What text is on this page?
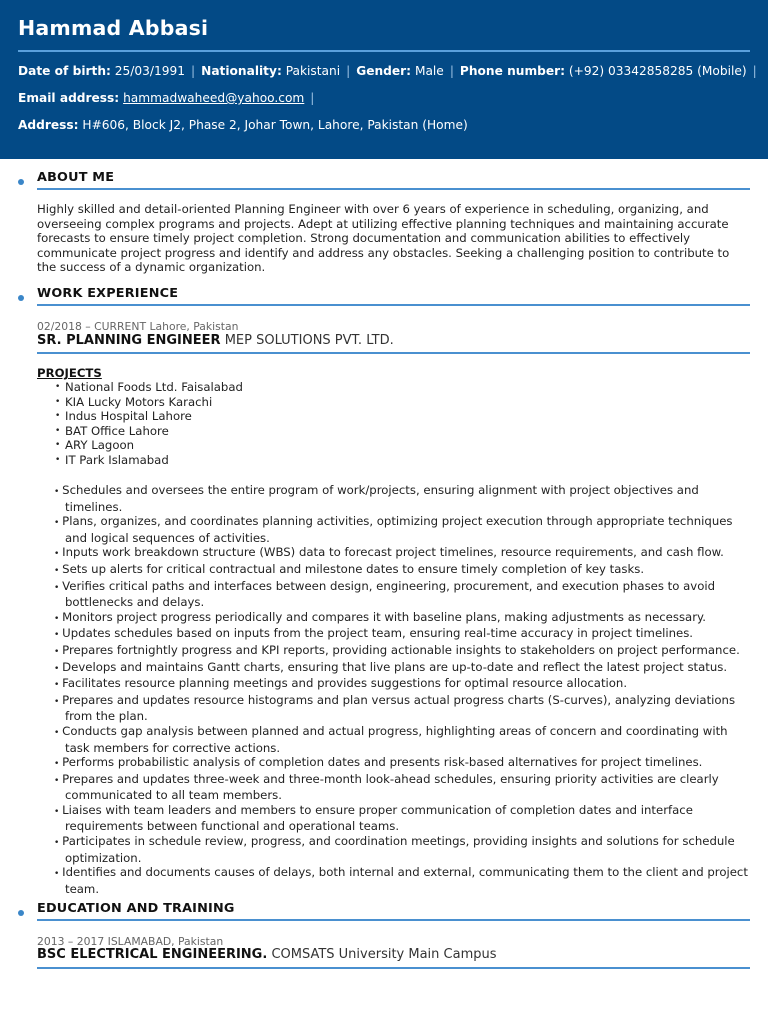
Hammad Abbasi
Date of birth: 25/03/1991 | Nationality: Pakistani | Gender: Male | Phone number: (+92) 03342858285 (Mobile) |
Email address: hammadwaheed@yahoo.com |
Address: H#606, Block J2, Phase 2, Johar Town, Lahore, Pakistan (Home)
ABOUT ME
Highly skilled and detail-oriented Planning Engineer with over 6 years of experience in scheduling, organizing, and overseeing complex programs and projects. Adept at utilizing effective planning techniques and maintaining accurate forecasts to ensure timely project completion. Strong documentation and communication abilities to effectively communicate project progress and identify and address any obstacles. Seeking a challenging position to contribute to the success of a dynamic organization.
WORK EXPERIENCE
02/2018 – CURRENT Lahore, Pakistan
SR. PLANNING ENGINEER MEP SOLUTIONS PVT. LTD.
PROJECTS
• National Foods Ltd. Faisalabad
• KIA Lucky Motors Karachi
• Indus Hospital Lahore
• BAT Office Lahore
• ARY Lagoon
• IT Park Islamabad
• Schedules and oversees the entire program of work/projects, ensuring alignment with project objectives and timelines.
• Plans, organizes, and coordinates planning activities, optimizing project execution through appropriate techniques and logical sequences of activities.
• Inputs work breakdown structure (WBS) data to forecast project timelines, resource requirements, and cash flow.
• Sets up alerts for critical contractual and milestone dates to ensure timely completion of key tasks.
• Verifies critical paths and interfaces between design, engineering, procurement, and execution phases to avoid bottlenecks and delays.
• Monitors project progress periodically and compares it with baseline plans, making adjustments as necessary.
• Updates schedules based on inputs from the project team, ensuring real-time accuracy in project timelines.
• Prepares fortnightly progress and KPI reports, providing actionable insights to stakeholders on project performance.
• Develops and maintains Gantt charts, ensuring that live plans are up-to-date and reflect the latest project status.
• Facilitates resource planning meetings and provides suggestions for optimal resource allocation.
• Prepares and updates resource histograms and plan versus actual progress charts (S-curves), analyzing deviations from the plan.
• Conducts gap analysis between planned and actual progress, highlighting areas of concern and coordinating with task members for corrective actions.
• Performs probabilistic analysis of completion dates and presents risk-based alternatives for project timelines.
• Prepares and updates three-week and three-month look-ahead schedules, ensuring priority activities are clearly communicated to all team members.
• Liaises with team leaders and members to ensure proper communication of completion dates and interface requirements between functional and operational teams.
• Participates in schedule review, progress, and coordination meetings, providing insights and solutions for schedule optimization.
• Identifies and documents causes of delays, both internal and external, communicating them to the client and project team.
EDUCATION AND TRAINING
2013 – 2017 ISLAMABAD, Pakistan
BSC ELECTRICAL ENGINEERING. COMSATS University Main Campus
